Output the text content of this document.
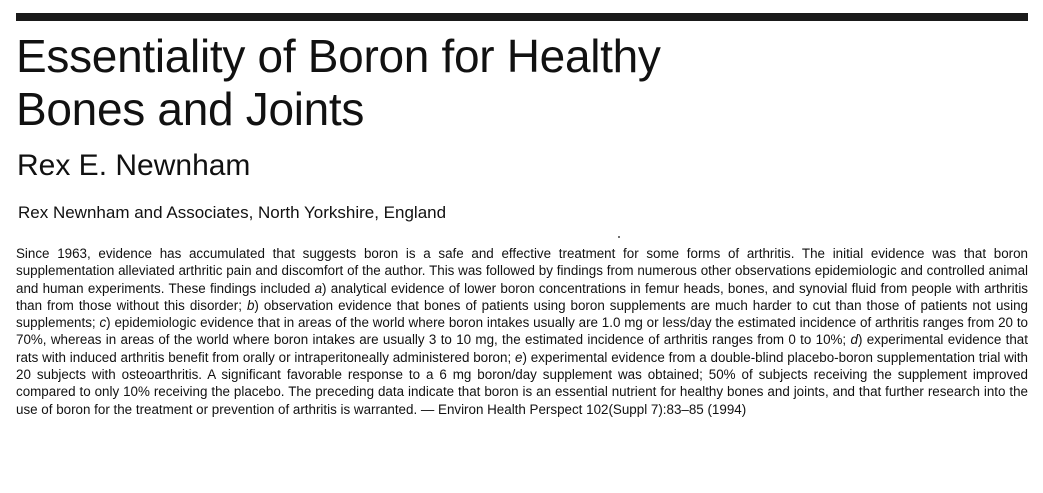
Essentiality of Boron for Healthy
Bones and Joints
Rex E. Newnham
Rex Newnham and Associates, North Yorkshire, England

Since 1963, evidence has accumulated that suggests boron is a safe and effective treatment for some forms of arthritis. The initial evidence was that boron supplementation alleviated arthritic pain and discomfort of the author. This was followed by findings from numerous other observations epidemiologic and controlled animal and human experiments. These findings included a) analytical evidence of lower boron concentrations in femur heads, bones, and synovial fluid from people with arthritis than from those without this disorder; b) observation evidence that bones of patients using boron supplements are much harder to cut than those of patients not using supplements; c) epidemiologic evidence that in areas of the world where boron intakes usually are 1.0 mg or less/day the estimated incidence of arthritis ranges from 20 to 70%, whereas in areas of the world where boron intakes are usually 3 to 10 mg, the estimated incidence of arthritis ranges from 0 to 10%; d) experimental evidence that rats with induced arthritis benefit from orally or intraperitoneally administered boron; e) experimental evidence from a double-blind placebo-boron supplementation trial with 20 subjects with osteoarthritis. A significant favorable response to a 6 mg boron/day supplement was obtained; 50% of subjects receiving the supplement improved compared to only 10% receiving the placebo. The preceding data indicate that boron is an essential nutrient for healthy bones and joints, and that further research into the use of boron for the treatment or prevention of arthritis is warranted. — Environ Health Perspect 102(Suppl 7):83–85 (1994)
